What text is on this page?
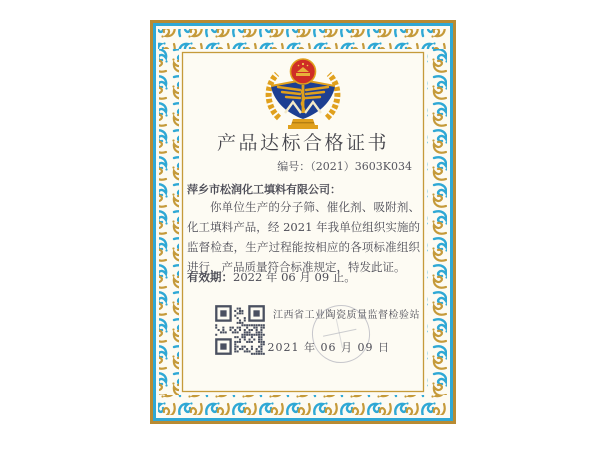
产品达标合格证书
编号：（2021）3603K034
萍乡市松润化工填料有限公司：

你单位生产的分子筛、催化剂、吸附剂、化工填料产品，经 2021 年我单位组织实施的监督检查，生产过程能按相应的各项标准组织进行，产品质量符合标准规定，特发此证。

有效期：2022 年 06 月 09 止。
江西省工业陶瓷质量监督检验站
2021 年 06 月 09 日
